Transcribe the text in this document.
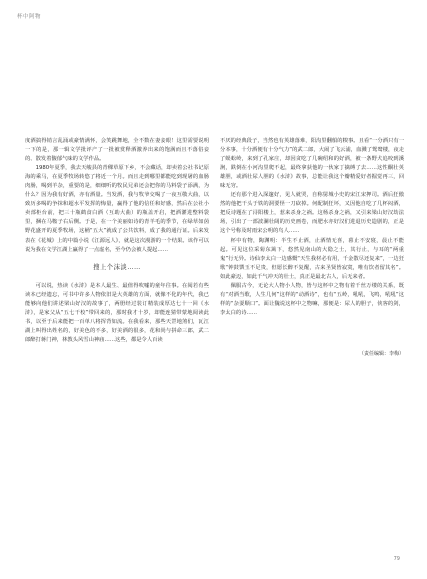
杯中阿物

度酒搞得销言乱涌或豪情满怀，会笑跳舞地，全不数在妻妾眼！这里需要说明一下的是，那一辑文学批评产了一批被赏释酒激养出来的饱满而且不落俗妾的、散发着馥郁气味的文学作品。

1980年夏季，我去天峻县的青稞草原下乡，不会藏话，却卖着公社书记原海的乘马，在夏季牧场转悠了将近一个月。而且走到哪里都能吃到现屠的血肠肉肠，喝到羊杂，重要的是，细细听的牧民兄弟还会把你的马料袋子添满，为什么？因为我有好酒，亦有酒量。当发酒，我与牧爷交喝了一夜互敬大曲，以致历多喝的争抹和超水平发挥的悔量，赢得了他的信任和好感，然后在公社小卖部柜台前，把三十瓶鹤食白酒（互助大曲）的瓶盖开启，把酒灌进整料袋里，捆在马鞍子右后侧。于是，在一个美丽如诗的青羊毛的季节，在绿草如茵野花盛开的夏季牧场，这桶“五大”就成了公共饮料，成了我的通行证。后来发表在《花城》上的中篇小说《江源远人》，就是这次漫游的一个结果。该作可以说为我在文学江湖上赢得了一点虚名，至今仍会被人提起……

搜上个沫淡……

可以说，热读《水浒》是本人最生、最值得吹嘘的童年往事。在阅若有些读本已经遗忘，可书中许多人物依旧是大英雄的方面，就像不化的年代，我已能够向他们讲述梁山好汉的故事了，两册经过装订精装成厚达七十一回《水浒》，是家父从“五七干校”带回来的，那时我才十岁，却能连猜带蒙地阅读此书，以至于后来能把一百单八将挥背如流。在我看来，那些天罡地煞们，瓦江湖上叫得出姓名的，好美色的不多，好美酒的很多，花和尚与拼命三郎，武二郎醉打蒋门神，林教头风雪山神庙……这些，都是令人百读

不厌的经典段子，当然也有英雄落难，阳沟里翻船的糗事。且看“一分酒只有一分本事，十分酒便有十分气力”的武二郎，大闹了飞云浦，血溅了鸳鸯楼，夜走了蜈蚣岭，来到了孔家庄，却因贪吃了几碗绍和的好酒，被一条野犬追咬到溪涧，跌倒在小河沟里爬不起，最终拿获他的一伙家丁擒缚了去……这性酮壮英雄胆，或酒壮尿人胆的《水浒》故事，总能让我这个瓣精爱好者掘觉再三，回味无穷。

还有那个进入深邃好，见人就哭，自称舅城小史的宋江宋押司。酒后狂傲然的他把干头于铁的洞要怪一刀砍掉。何配制狂坏，又因他自吃了几杯闷酒，把反诗题在了浔阳楼上，惹来杀身之祸。这杨杀身之祸，又引来梁山好汉劫法场，引出了一部波澜壮阔的历史画卷，而肥水亦好汉们进退历史造剧的，正是这个号称及时雨宋公明的鸟人……

杯中有物，陶渊明：半生不止酒，止酒情无喜，暮止不安寝，晨止不能起。可见这位采菊东篱下，悠然见南山的大隐之士，其行止，与耳的“两重鬼”行无异。诗仙李太白一边感慨“天生我材必有用，千金散尽还复来”，一边狂歌“钟鼓馔玉不足贵，但愿长醉不复醒，古来圣贤皆寂寞，唯有饮者留其名”。如此豪迈，如此千气冲天的壮士，真正是最北古人，后无来者。

佩服古今，无论大人物小人物，皆与这杯中之物有着千丝万缕的关系，既有“对酒当歌，人生几何”这样的“动酒诗”，也有“五岭，吼吼，飞鸣，吼吼”这样的“杂耍顺口”。面让魏说这杯中之物嘛，那便是：尿人的胆子，侠客的剑，李太白的诗……

（责任编辑：李梅）
79
